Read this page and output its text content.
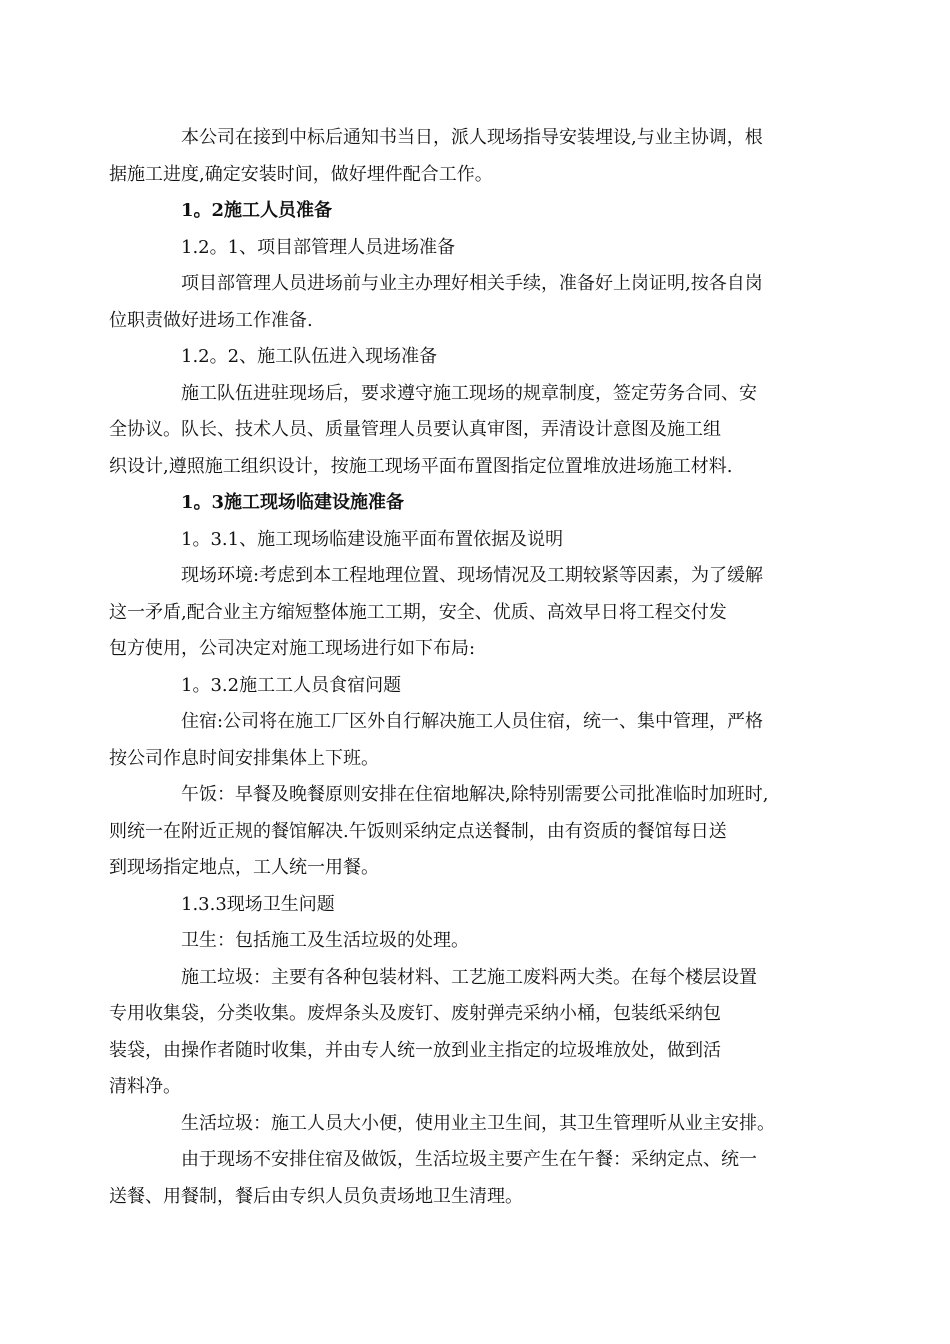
本公司在接到中标后通知书当日，派人现场指导安装埋设,与业主协调，根
据施工进度,确定安装时间，做好埋件配合工作。

1。2施工人员准备

1.2。1、项目部管理人员进场准备

项目部管理人员进场前与业主办理好相关手续，准备好上岗证明,按各自岗
位职责做好进场工作准备.

1.2。2、施工队伍进入现场准备

施工队伍进驻现场后，要求遵守施工现场的规章制度，签定劳务合同、安
全协议。队长、技术人员、质量管理人员要认真审图，弄清设计意图及施工组
织设计,遵照施工组织设计，按施工现场平面布置图指定位置堆放进场施工材料.

1。3施工现场临建设施准备

1。3.1、施工现场临建设施平面布置依据及说明

现场环境:考虑到本工程地理位置、现场情况及工期较紧等因素，为了缓解
这一矛盾,配合业主方缩短整体施工工期，安全、优质、高效早日将工程交付发
包方使用，公司决定对施工现场进行如下布局:

1。3.2施工工人员食宿问题

住宿:公司将在施工厂区外自行解决施工人员住宿，统一、集中管理，严格
按公司作息时间安排集体上下班。

午饭：早餐及晚餐原则安排在住宿地解决,除特别需要公司批准临时加班时,
则统一在附近正规的餐馆解决.午饭则采纳定点送餐制，由有资质的餐馆每日送
到现场指定地点，工人统一用餐。

1.3.3现场卫生问题

卫生：包括施工及生活垃圾的处理。

施工垃圾：主要有各种包装材料、工艺施工废料两大类。在每个楼层设置
专用收集袋，分类收集。废焊条头及废钉、废射弹壳采纳小桶，包装纸采纳包
装袋，由操作者随时收集，并由专人统一放到业主指定的垃圾堆放处，做到活
清料净。

生活垃圾：施工人员大小便，使用业主卫生间，其卫生管理听从业主安排。

由于现场不安排住宿及做饭，生活垃圾主要产生在午餐：采纳定点、统一
送餐、用餐制，餐后由专织人员负责场地卫生清理。
